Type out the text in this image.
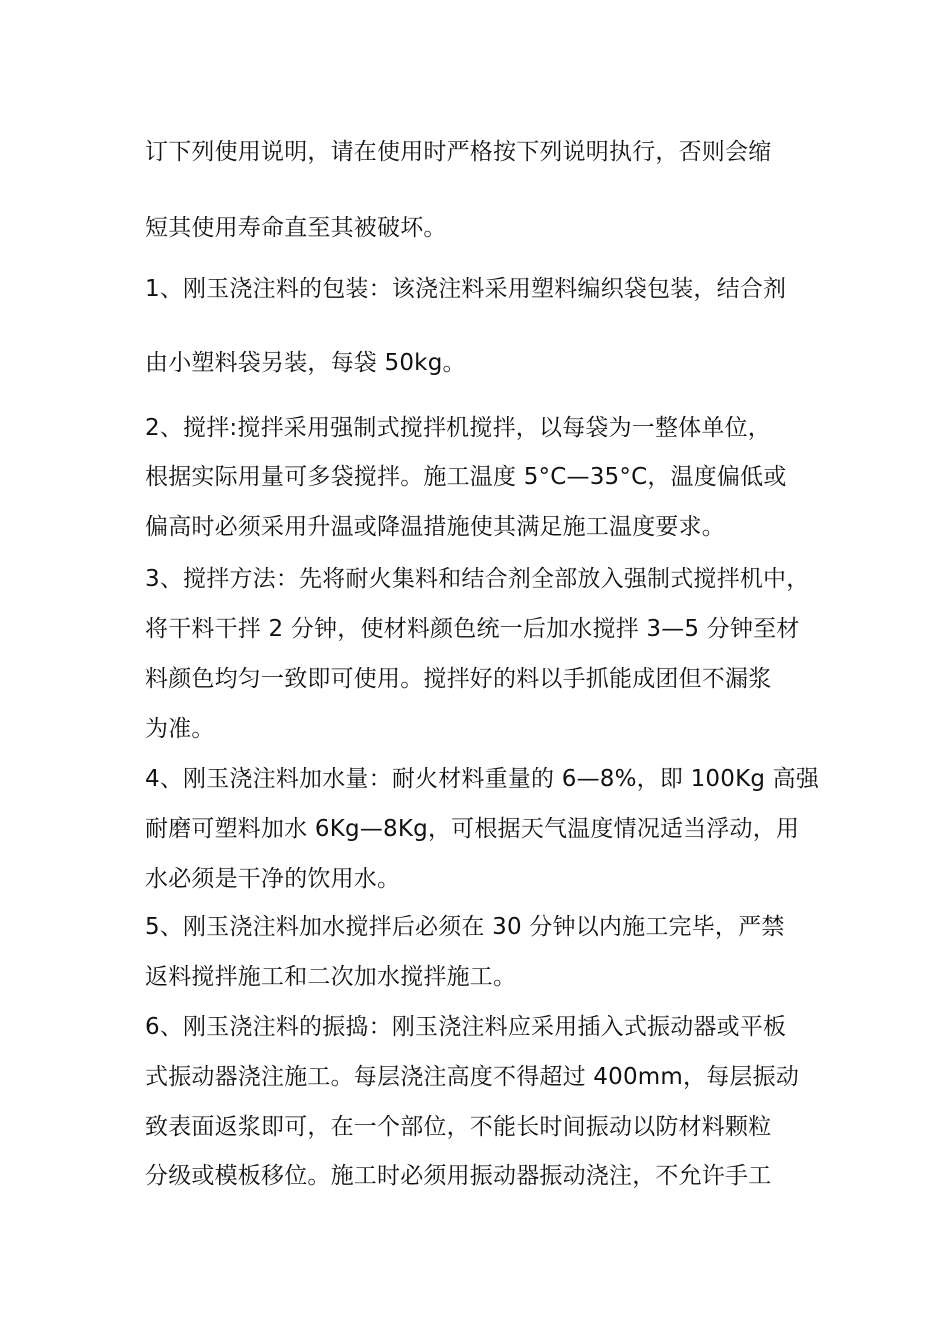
订下列使用说明，请在使用时严格按下列说明执行，否则会缩
短其使用寿命直至其被破坏。
1、刚玉浇注料的包装：该浇注料采用塑料编织袋包装，结合剂
由小塑料袋另装，每袋 50kg。
2、搅拌:搅拌采用强制式搅拌机搅拌，以每袋为一整体单位，
根据实际用量可多袋搅拌。施工温度 5°C—35°C，温度偏低或
偏高时必须采用升温或降温措施使其满足施工温度要求。
3、搅拌方法：先将耐火集料和结合剂全部放入强制式搅拌机中，
将干料干拌 2 分钟，使材料颜色统一后加水搅拌 3—5 分钟至材
料颜色均匀一致即可使用。搅拌好的料以手抓能成团但不漏浆
为准。
4、刚玉浇注料加水量：耐火材料重量的 6—8%，即 100Kg 高强
耐磨可塑料加水 6Kg—8Kg，可根据天气温度情况适当浮动，用
水必须是干净的饮用水。
5、刚玉浇注料加水搅拌后必须在 30 分钟以内施工完毕，严禁
返料搅拌施工和二次加水搅拌施工。
6、刚玉浇注料的振捣：刚玉浇注料应采用插入式振动器或平板
式振动器浇注施工。每层浇注高度不得超过 400mm，每层振动
致表面返浆即可，在一个部位，不能长时间振动以防材料颗粒
分级或模板移位。施工时必须用振动器振动浇注，不允许手工
